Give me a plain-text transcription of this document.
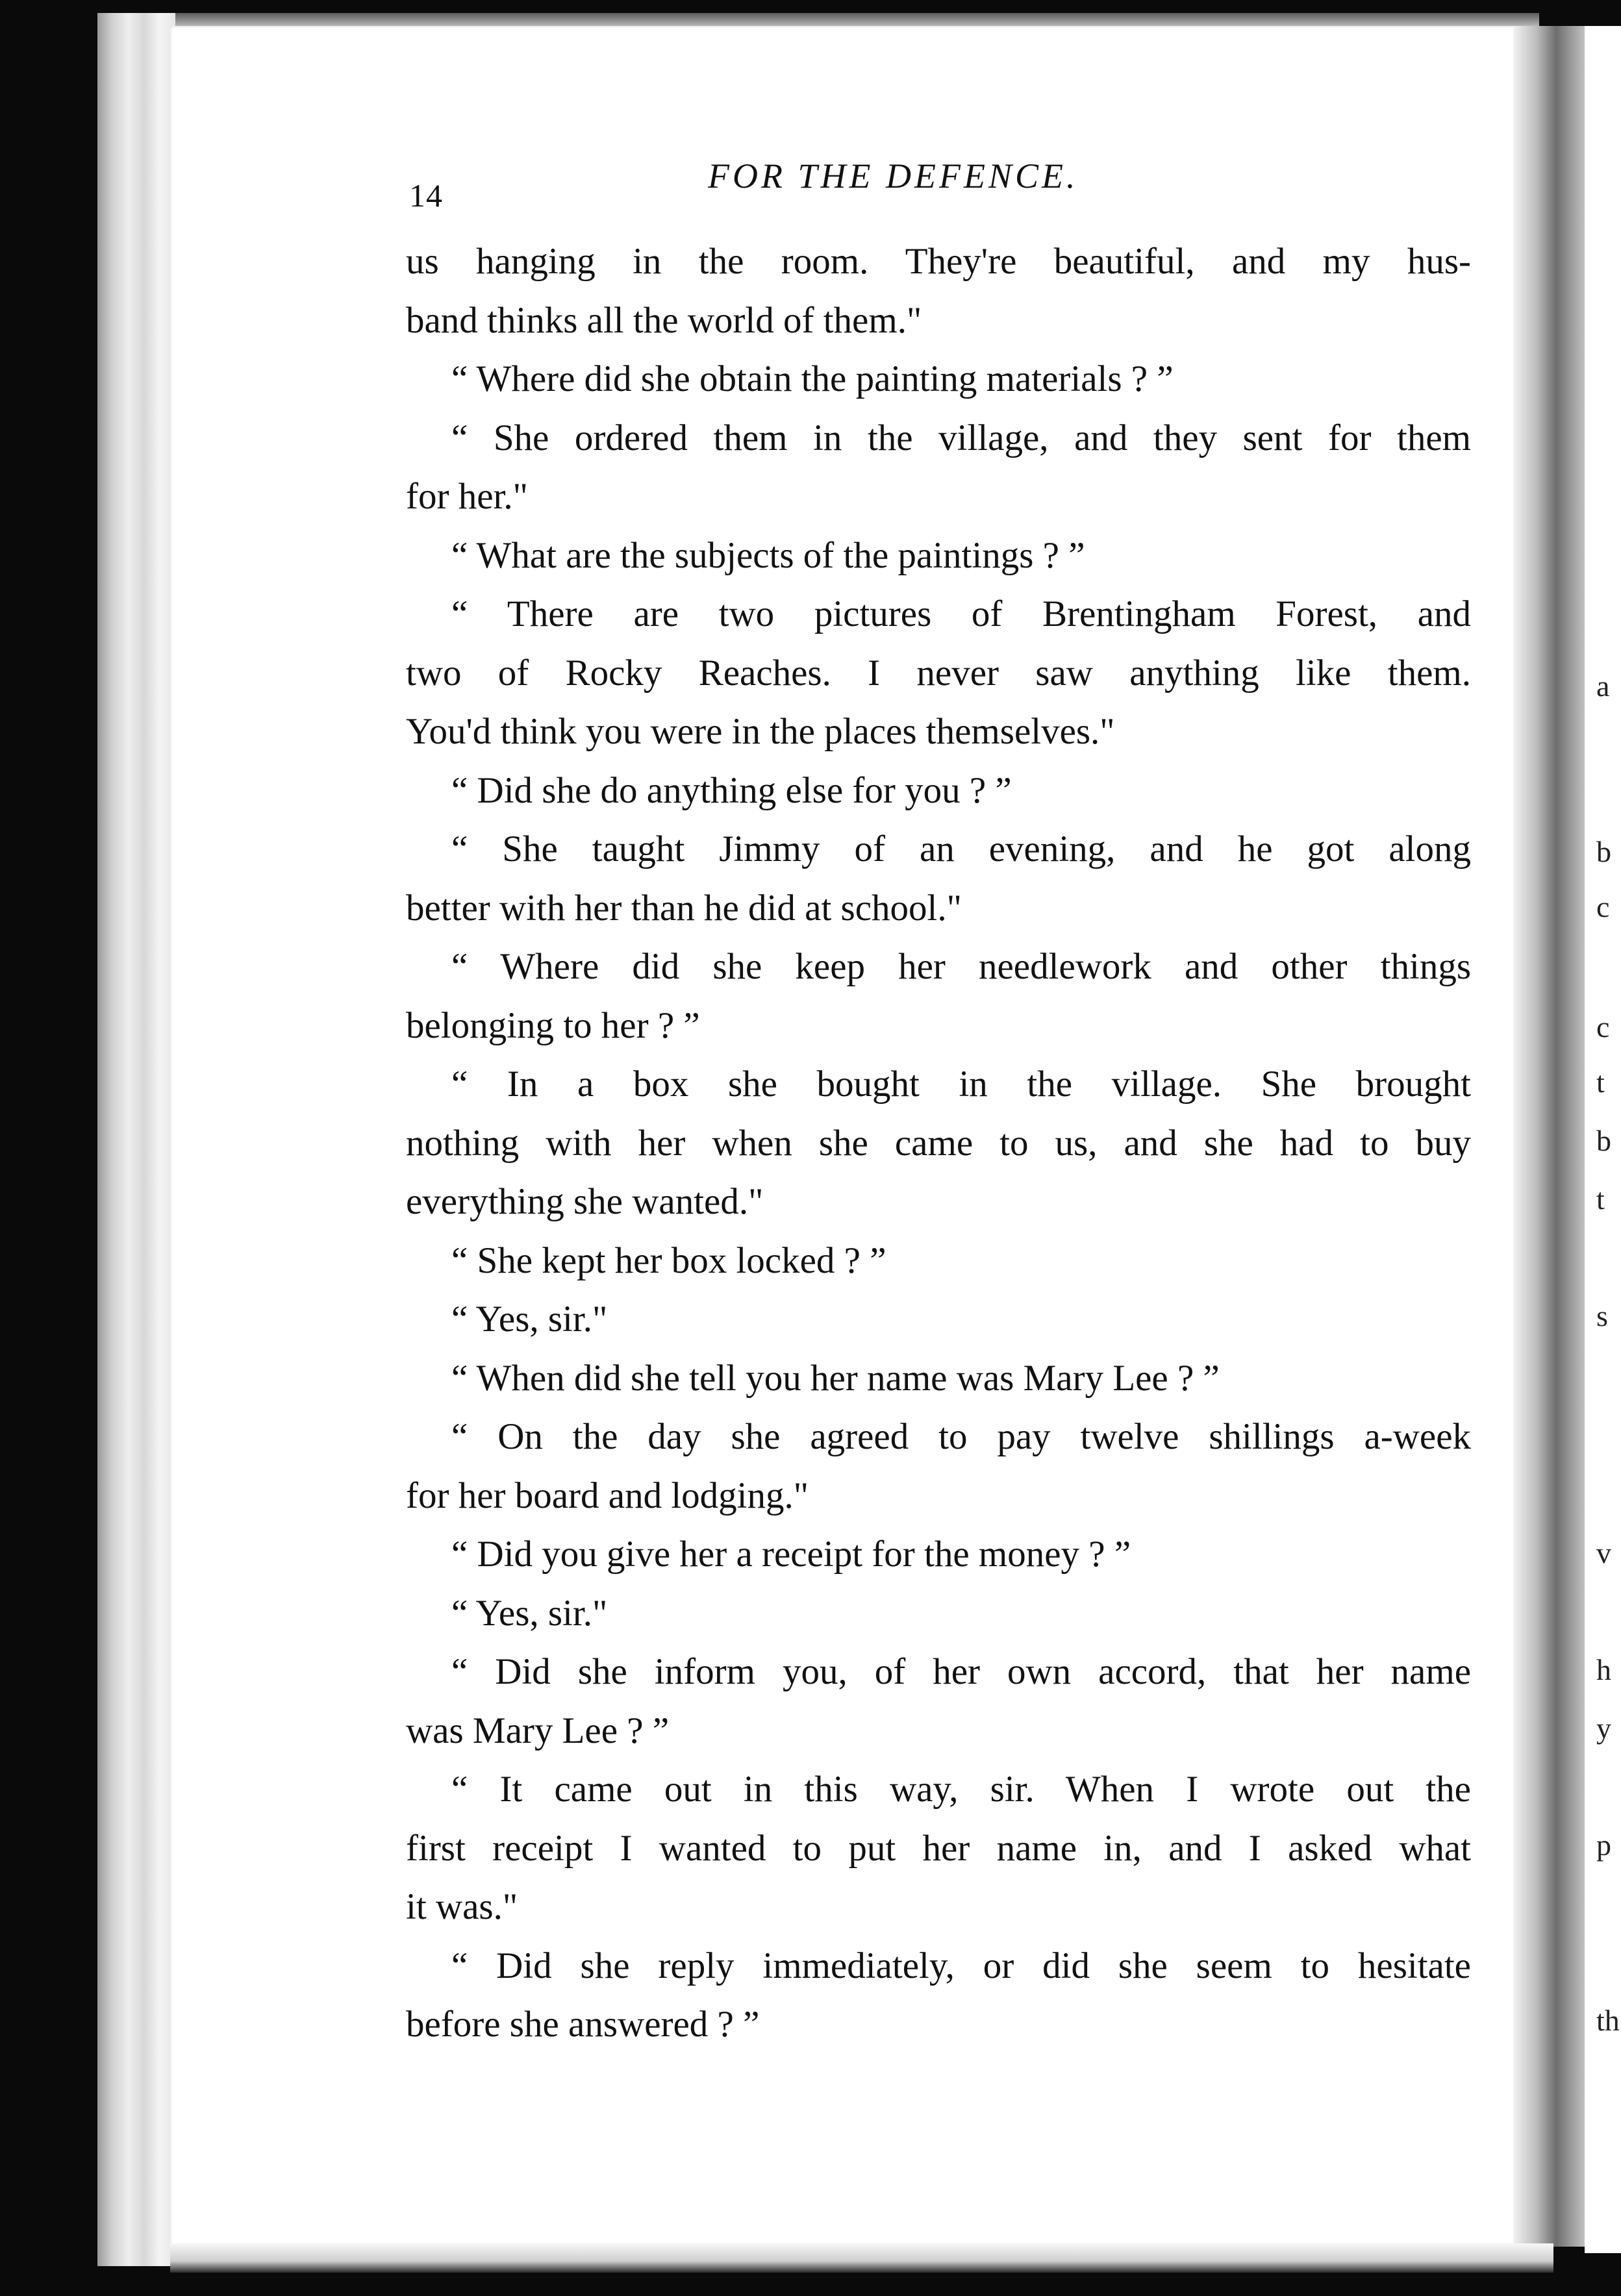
a
b
c
c
t
b
t
s
v
h
y
p
th
14	FOR THE DEFENCE.
us hanging in the room. They're beautiful, and my hus-
band thinks all the world of them."
“ Where did she obtain the painting materials ? ”
“ She ordered them in the village, and they sent for them
for her."
“ What are the subjects of the paintings ? ”
“ There are two pictures of Brentingham Forest, and
two of Rocky Reaches. I never saw anything like them.
You'd think you were in the places themselves."
“ Did she do anything else for you ? ”
“ She taught Jimmy of an evening, and he got along
better with her than he did at school."
“ Where did she keep her needlework and other things
belonging to her ? ”
“ In a box she bought in the village. She brought
nothing with her when she came to us, and she had to buy
everything she wanted."
“ She kept her box locked ? ”
“ Yes, sir."
“ When did she tell you her name was Mary Lee ? ”
“ On the day she agreed to pay twelve shillings a-week
for her board and lodging."
“ Did you give her a receipt for the money ? ”
“ Yes, sir."
“ Did she inform you, of her own accord, that her name
was Mary Lee ? ”
“ It came out in this way, sir. When I wrote out the
first receipt I wanted to put her name in, and I asked what
it was."
“ Did she reply immediately, or did she seem to hesitate
before she answered ? ”
